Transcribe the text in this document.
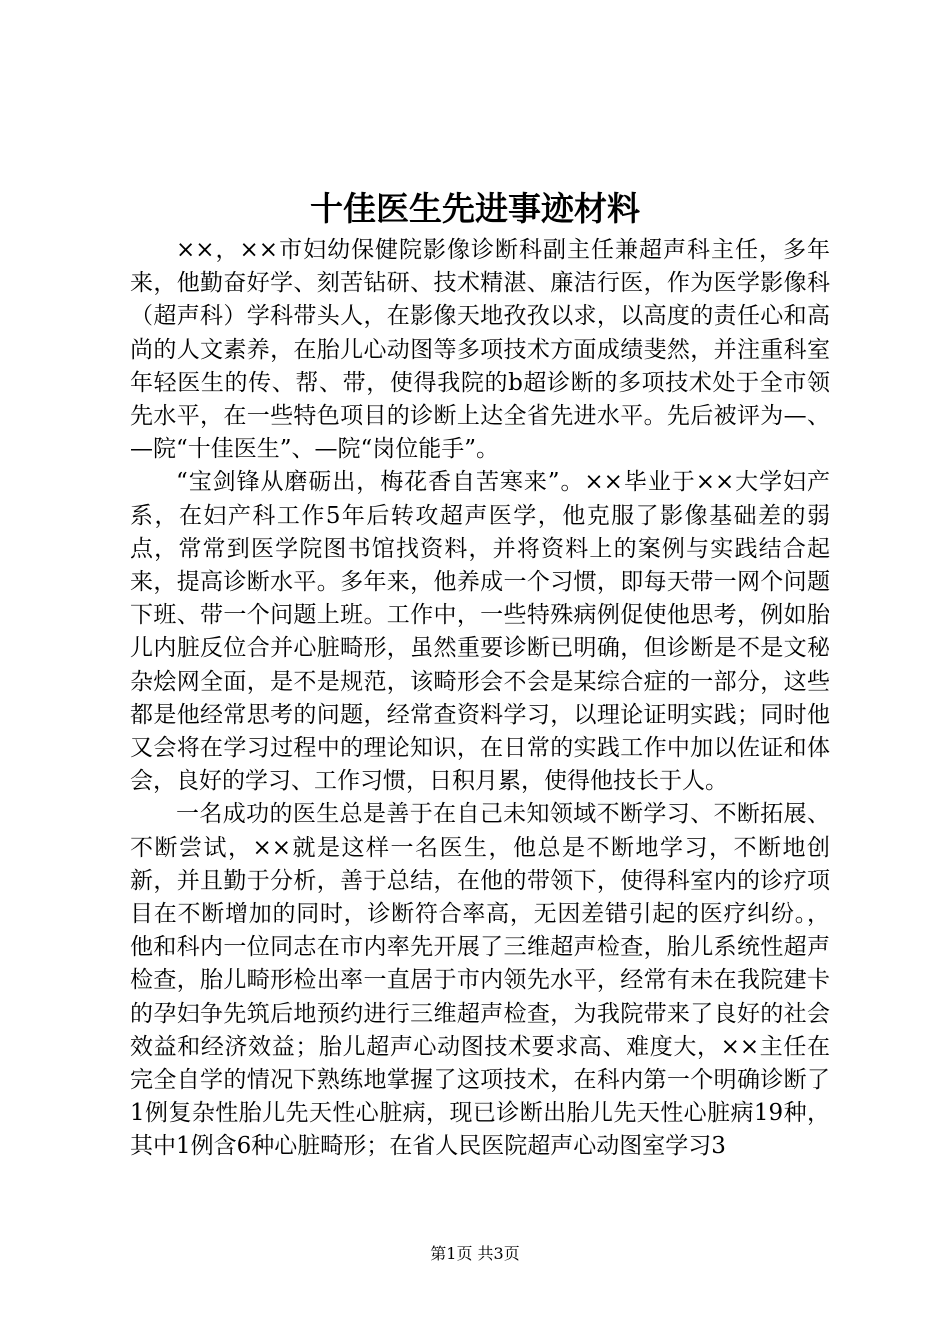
十佳医生先进事迹材料

××，××市妇幼保健院影像诊断科副主任兼超声科主任，多年来，他勤奋好学、刻苦钻研、技术精湛、廉洁行医，作为医学影像科（超声科）学科带头人，在影像天地孜孜以求，以高度的责任心和高尚的人文素养，在胎儿心动图等多项技术方面成绩斐然，并注重科室年轻医生的传、帮、带，使得我院的b超诊断的多项技术处于全市领先水平，在一些特色项目的诊断上达全省先进水平。先后被评为—、—院“十佳医生”、—院“岗位能手”。

“宝剑锋从磨砺出，梅花香自苦寒来”。××毕业于××大学妇产系，在妇产科工作5年后转攻超声医学，他克服了影像基础差的弱点，常常到医学院图书馆找资料，并将资料上的案例与实践结合起来，提高诊断水平。多年来，他养成一个习惯，即每天带一网个问题下班、带一个问题上班。工作中，一些特殊病例促使他思考，例如胎儿内脏反位合并心脏畸形，虽然重要诊断已明确，但诊断是不是文秘杂烩网全面，是不是规范，该畸形会不会是某综合症的一部分，这些都是他经常思考的问题，经常查资料学习，以理论证明实践；同时他又会将在学习过程中的理论知识，在日常的实践工作中加以佐证和体会，良好的学习、工作习惯，日积月累，使得他技长于人。

一名成功的医生总是善于在自己未知领域不断学习、不断拓展、不断尝试，××就是这样一名医生，他总是不断地学习，不断地创新，并且勤于分析，善于总结，在他的带领下，使得科室内的诊疗项目在不断增加的同时，诊断符合率高，无因差错引起的医疗纠纷。，他和科内一位同志在市内率先开展了三维超声检查，胎儿系统性超声检查，胎儿畸形检出率一直居于市内领先水平，经常有未在我院建卡的孕妇争先筑后地预约进行三维超声检查，为我院带来了良好的社会效益和经济效益；胎儿超声心动图技术要求高、难度大，××主任在完全自学的情况下熟练地掌握了这项技术，在科内第一个明确诊断了1例复杂性胎儿先天性心脏病，现已诊断出胎儿先天性心脏病19种，其中1例含6种心脏畸形；在省人民医院超声心动图室学习3

第1页 共3页
